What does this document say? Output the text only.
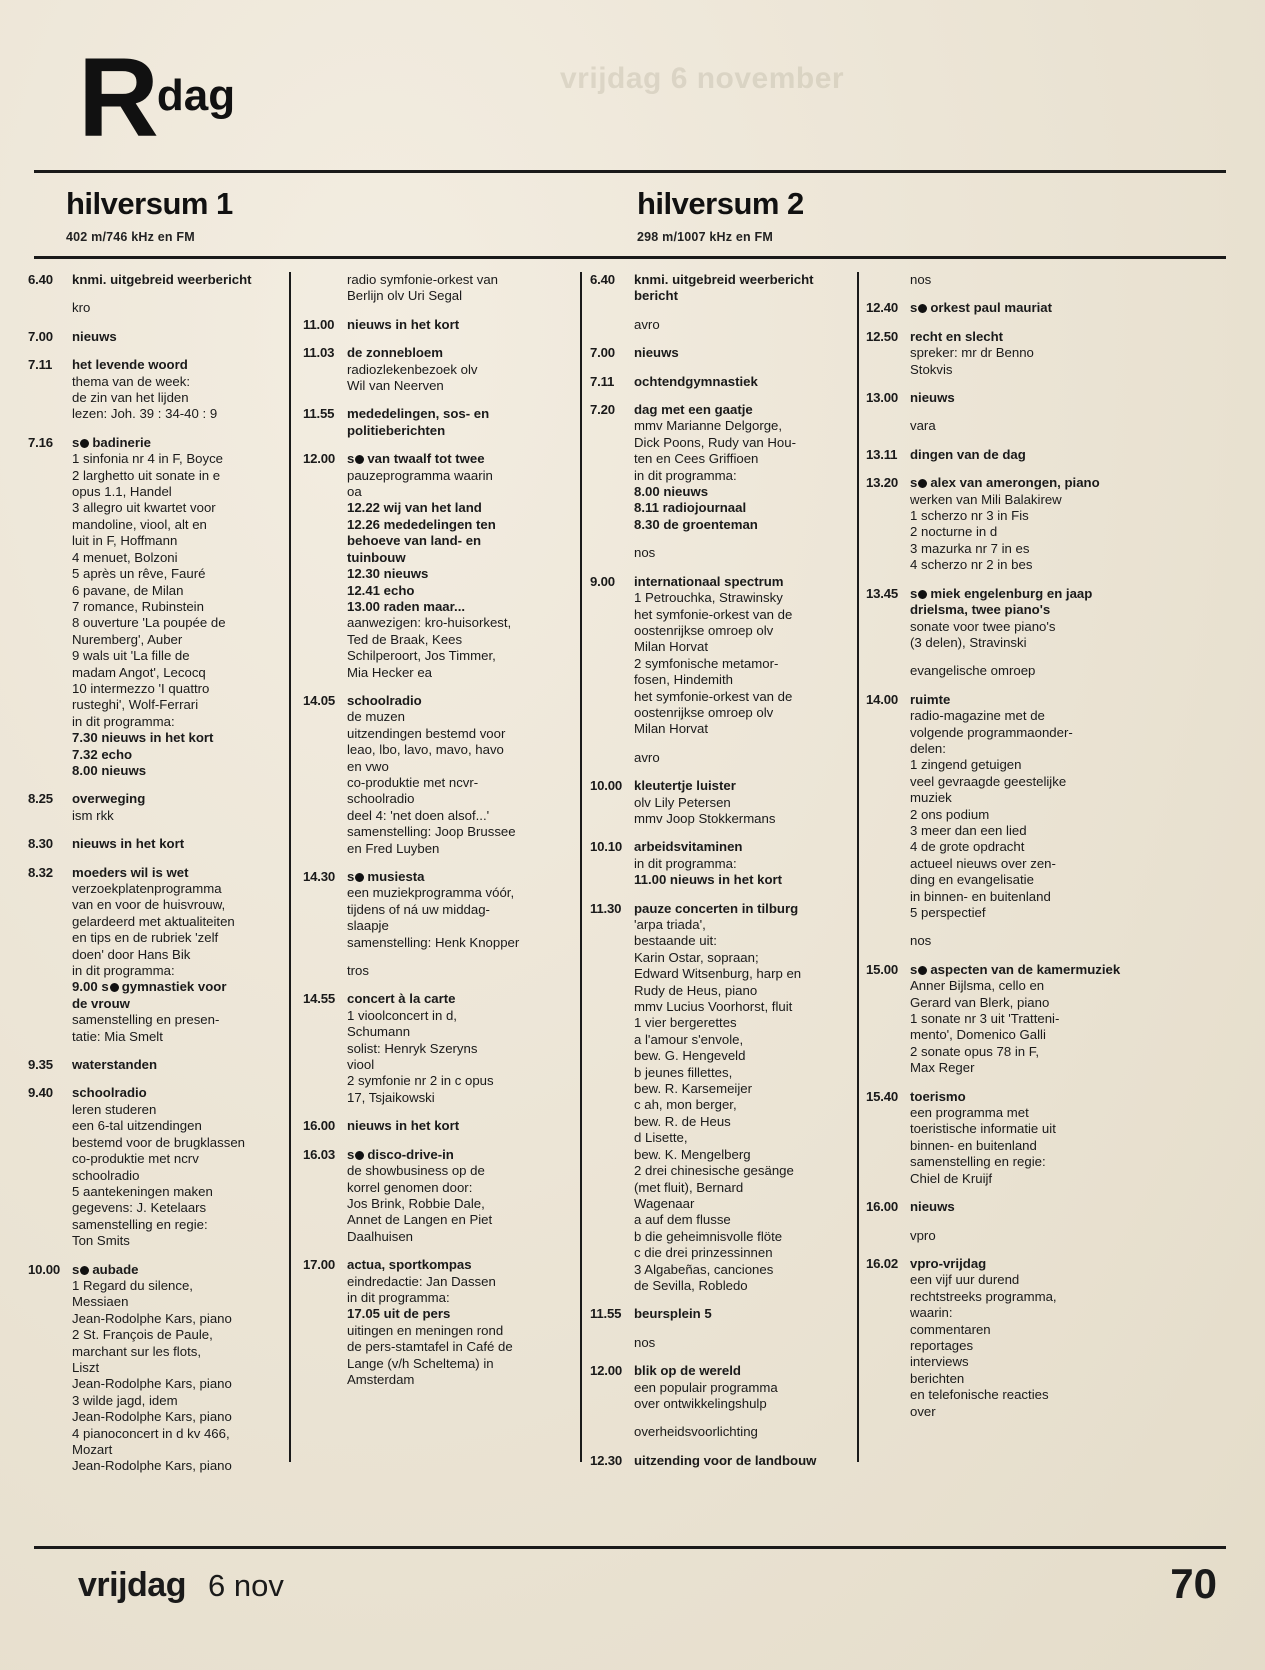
vrijdag 6 november
R dag
hilversum 1
402 m/746 kHz en FM
hilversum 2
298 m/1007 kHz en FM
6.40	knmi. uitgebreid weerbericht
kro
7.00	nieuws
7.11	het levende woord
thema van de week:
de zin van het lijden
lezen: Joh. 39 : 34-40 : 9
7.16	s badinerie
1 sinfonia nr 4 in F, Boyce
2 larghetto uit sonate in e
opus 1.1, Handel
3 allegro uit kwartet voor
mandoline, viool, alt en
luit in F, Hoffmann
4 menuet, Bolzoni
5 après un rêve, Fauré
6 pavane, de Milan
7 romance, Rubinstein
8 ouverture 'La poupée de
Nuremberg', Auber
9 wals uit 'La fille de
madam Angot', Lecocq
10 intermezzo 'I quattro
rusteghi', Wolf-Ferrari
in dit programma:
7.30 nieuws in het kort
7.32 echo
8.00 nieuws
8.25	overweging
ism rkk
8.30	nieuws in het kort
8.32	moeders wil is wet
verzoekplatenprogramma
van en voor de huisvrouw,
gelardeerd met aktualiteiten
en tips en de rubriek 'zelf
doen' door Hans Bik
in dit programma:
9.00 s gymnastiek voor
de vrouw
samenstelling en presen-
tatie: Mia Smelt
9.35	waterstanden
9.40	schoolradio
leren studeren
een 6-tal uitzendingen
bestemd voor de brugklassen
co-produktie met ncrv
schoolradio
5 aantekeningen maken
gegevens: J. Ketelaars
samenstelling en regie:
Ton Smits
10.00 s aubade
1 Regard du silence,
Messiaen
Jean-Rodolphe Kars, piano
2 St. François de Paule,
marchant sur les flots,
Liszt
Jean-Rodolphe Kars, piano
3 wilde jagd, idem
Jean-Rodolphe Kars, piano
4 pianoconcert in d kv 466,
Mozart
Jean-Rodolphe Kars, piano
radio symfonie-orkest van
Berlijn olv Uri Segal
11.00 nieuws in het kort
11.03 de zonnebloem
radiozlekenbezoek olv
Wil van Neerven
11.55 mededelingen, sos- en politieberichten
12.00 s van twaalf tot twee
pauzeprogramma waarin
oa
12.22 wij van het land
12.26 mededelingen ten
behoeve van land- en
tuinbouw
12.30 nieuws
12.41 echo
13.00 raden maar...
aanwezigen: kro-huisorkest,
Ted de Braak, Kees
Schilperoort, Jos Timmer,
Mia Hecker ea
14.05 schoolradio
de muzen
uitzendingen bestemd voor
leao, lbo, lavo, mavo, havo
en vwo
co-produktie met ncvr-
schoolradio
deel 4: 'net doen alsof...'
samenstelling: Joop Brussee
en Fred Luyben
14.30 s musiesta
een muziekprogramma vóór,
tijdens of ná uw middag-
slaapje
samenstelling: Henk Knopper
tros
14.55 concert à la carte
1 vioolconcert in d,
Schumann
solist: Henryk Szeryns
viool
2 symfonie nr 2 in c opus
17, Tsjaikowski
16.00 nieuws in het kort
16.03 s disco-drive-in
de showbusiness op de
korrel genomen door:
Jos Brink, Robbie Dale,
Annet de Langen en Piet
Daalhuisen
17.00 actua, sportkompas
eindredactie: Jan Dassen
in dit programma:
17.05 uit de pers
uitingen en meningen rond
de pers-stamtafel in Café de
Lange (v/h Scheltema) in
Amsterdam
6.40	knmi. uitgebreid weerbericht bericht
avro
7.00	nieuws
7.11	ochtendgymnastiek
7.20	dag met een gaatje
mmv Marianne Delgorge,
Dick Poons, Rudy van Hou-
ten en Cees Griffioen
in dit programma:
8.00 nieuws
8.11 radiojournaal
8.30 de groenteman
nos
9.00	internationaal spectrum
1 Petrouchka, Strawinsky
het symfonie-orkest van de
oostenrijkse omroep olv
Milan Horvat
2 symfonische metamor-
fosen, Hindemith
het symfonie-orkest van de
oostenrijkse omroep olv
Milan Horvat
avro
10.00 kleutertje luister
olv Lily Petersen
mmv Joop Stokkermans
10.10 arbeidsvitaminen
in dit programma:
11.00 nieuws in het kort
11.30 pauze concerten in tilburg
'arpa triada',
bestaande uit:
Karin Ostar, sopraan;
Edward Witsenburg, harp en
Rudy de Heus, piano
mmv Lucius Voorhorst, fluit
1 vier bergerettes
a l'amour s'envole,
bew. G. Hengeveld
b jeunes fillettes,
bew. R. Karsemeijer
c ah, mon berger,
bew. R. de Heus
d Lisette,
bew. K. Mengelberg
2 drei chinesische gesänge
(met fluit), Bernard
Wagenaar
a auf dem flusse
b die geheimnisvolle flöte
c die drei prinzessinnen
3 Algabeñas, canciones
de Sevilla, Robledo
11.55 beursplein 5
nos
12.00 blik op de wereld
een populair programma
over ontwikkelingshulp
overheidsvoorlichting
12.30 uitzending voor de landbouw
nos
12.40 s orkest paul mauriat
12.50 recht en slecht
spreker: mr dr Benno
Stokvis
13.00 nieuws
vara
13.11 dingen van de dag
13.20 s alex van amerongen, piano
werken van Mili Balakirew
1 scherzo nr 3 in Fis
2 nocturne in d
3 mazurka nr 7 in es
4 scherzo nr 2 in bes
13.45 s miek engelenburg en jaap drielsma, twee piano's
sonate voor twee piano's
(3 delen), Stravinski
evangelische omroep
14.00 ruimte
radio-magazine met de
volgende programmaonder-
delen:
1 zingend getuigen
veel gevraagde geestelijke
muziek
2 ons podium
3 meer dan een lied
4 de grote opdracht
actueel nieuws over zen-
ding en evangelisatie
in binnen- en buitenland
5 perspectief
nos
15.00 s aspecten van de kamermuziek
Anner Bijlsma, cello en
Gerard van Blerk, piano
1 sonate nr 3 uit 'Tratteni-
mento', Domenico Galli
2 sonate opus 78 in F,
Max Reger
15.40 toerismo
een programma met
toeristische informatie uit
binnen- en buitenland
samenstelling en regie:
Chiel de Kruijf
16.00 nieuws
vpro
16.02 vpro-vrijdag
een vijf uur durend
rechtstreeks programma,
waarin:
commentaren
reportages
interviews
berichten
en telefonische reacties
over
vrijdag 6 nov	70
